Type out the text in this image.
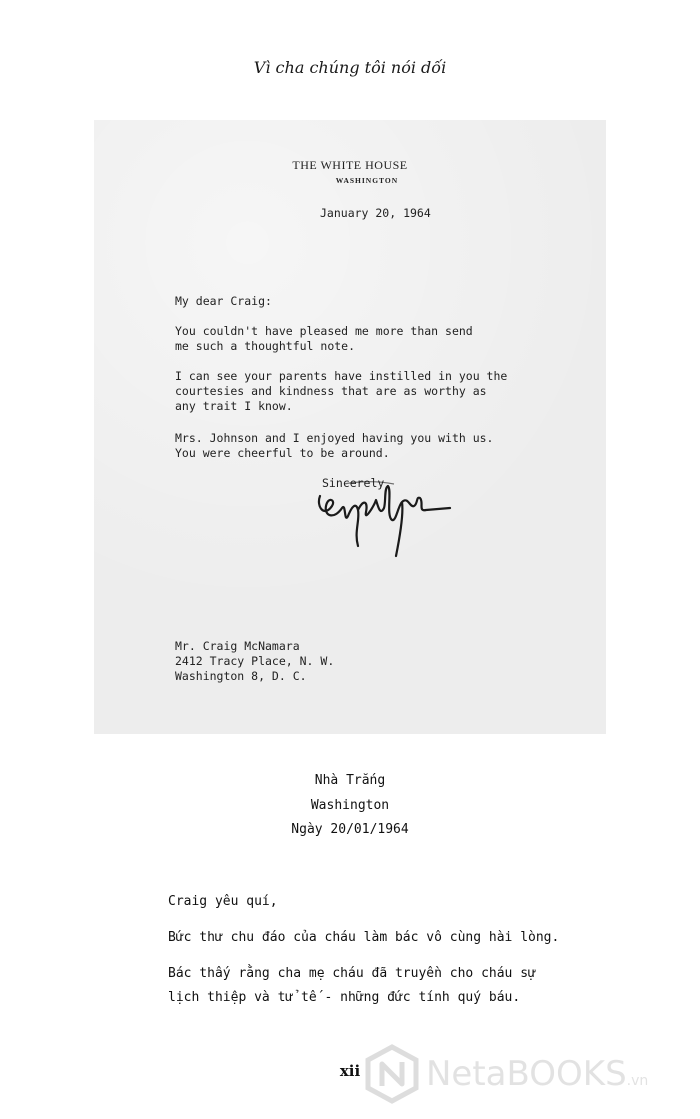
Vì cha chúng tôi nói dối
THE WHITE HOUSE
WASHINGTON
January 20, 1964
My dear Craig:
You couldn't have pleased me more than send
me such a thoughtful note.
I can see your parents have instilled in you the
courtesies and kindness that are as worthy as
any trait I know.
Mrs. Johnson and I enjoyed having you with us.
You were cheerful to be around.
Sincerely,
Mr. Craig McNamara
2412 Tracy Place, N. W.
Washington 8, D. C.
Nhà Trắng
Washington
Ngày 20/01/1964
Craig yêu quí,
Bức thư chu đáo của cháu làm bác vô cùng hài lòng.
Bác thấy rằng cha mẹ cháu đã truyền cho cháu sự
lịch thiệp và tử tế - những đức tính quý báu.
xii	NetaBOOKS.vn
